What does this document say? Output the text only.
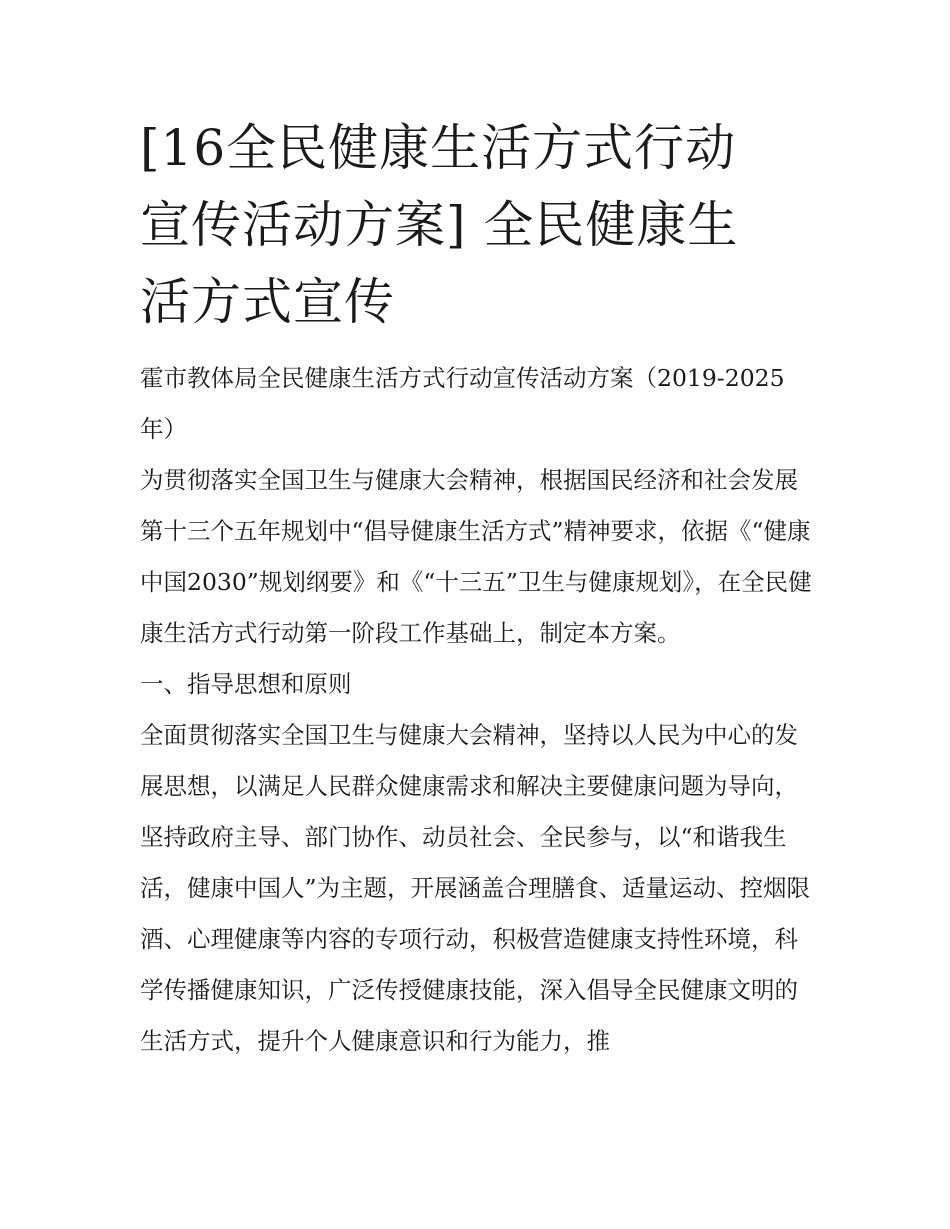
[16全民健康生活方式行动宣传活动方案] 全民健康生活方式宣传

霍市教体局全民健康生活方式行动宣传活动方案（2019-2025年）

为贯彻落实全国卫生与健康大会精神，根据国民经济和社会发展第十三个五年规划中“倡导健康生活方式”精神要求，依据《“健康中国2030”规划纲要》和《“十三五”卫生与健康规划》，在全民健康生活方式行动第一阶段工作基础上，制定本方案。

一、指导思想和原则

全面贯彻落实全国卫生与健康大会精神，坚持以人民为中心的发展思想，以满足人民群众健康需求和解决主要健康问题为导向，坚持政府主导、部门协作、动员社会、全民参与，以“和谐我生活，健康中国人”为主题，开展涵盖合理膳食、适量运动、控烟限酒、心理健康等内容的专项行动，积极营造健康支持性环境，科学传播健康知识，广泛传授健康技能，深入倡导全民健康文明的生活方式，提升个人健康意识和行为能力，推
